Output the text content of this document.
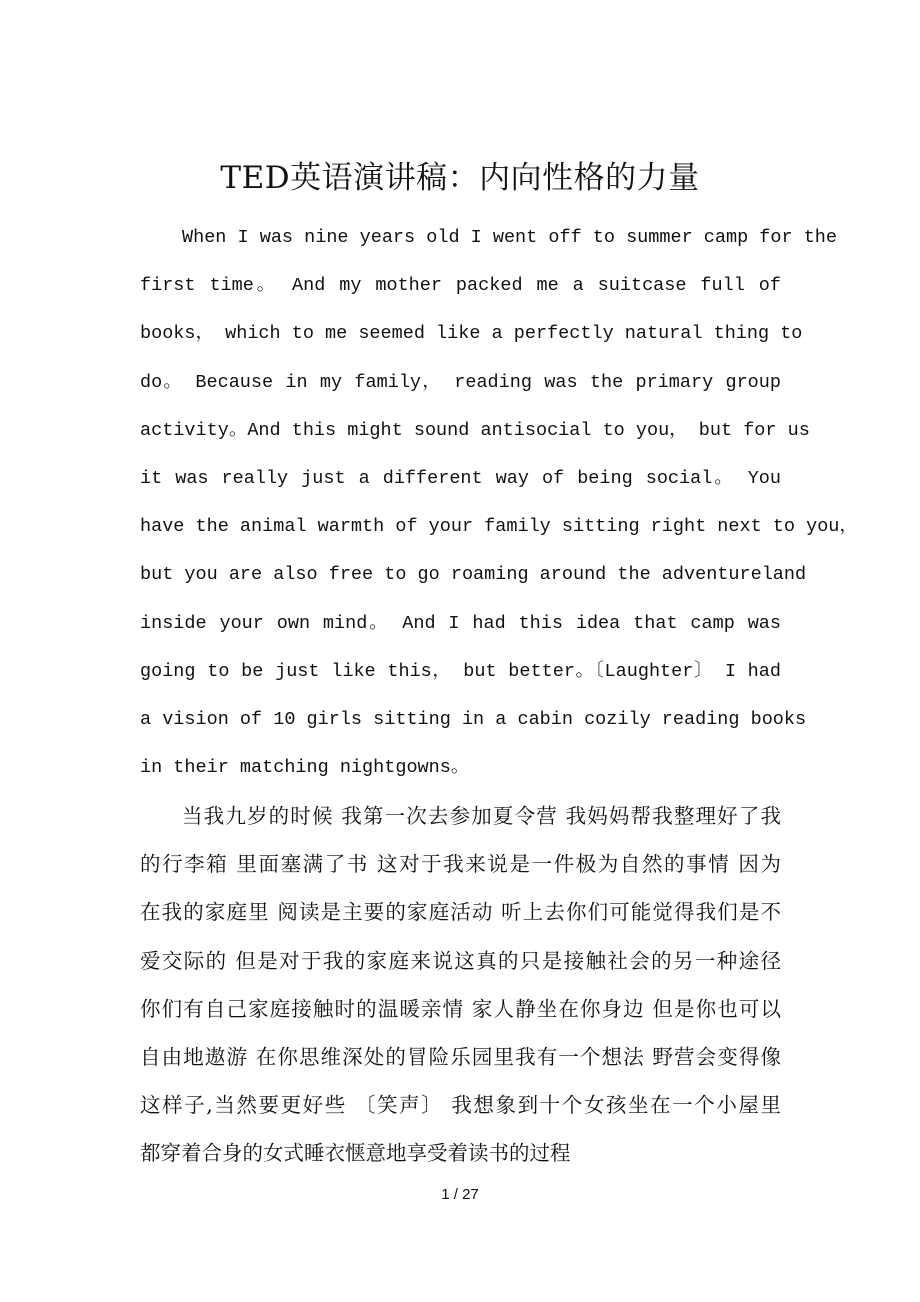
TED英语演讲稿：内向性格的力量
When I was nine years old I went off to summer camp for the
first time。 And my mother packed me a suitcase full of
books， which to me seemed like a perfectly natural thing to
do。 Because in my family， reading was the primary group
activity。And this might sound antisocial to you， but for us
it was really just a different way of being social。 You
have the animal warmth of your family sitting right next to you，
but you are also free to go roaming around the adventureland
inside your own mind。 And I had this idea that camp was
going to be just like this， but better。〔Laughter〕 I had
a vision of 10 girls sitting in a cabin cozily reading books
in their matching nightgowns。
当我九岁的时候 我第一次去参加夏令营 我妈妈帮我整理好了我
的行李箱 里面塞满了书 这对于我来说是一件极为自然的事情 因为
在我的家庭里 阅读是主要的家庭活动 听上去你们可能觉得我们是不
爱交际的 但是对于我的家庭来说这真的只是接触社会的另一种途径
你们有自己家庭接触时的温暖亲情 家人静坐在你身边 但是你也可以
自由地遨游 在你思维深处的冒险乐园里我有一个想法 野营会变得像
这样子,当然要更好些 〔笑声〕 我想象到十个女孩坐在一个小屋里
都穿着合身的女式睡衣惬意地享受着读书的过程
1 / 27
